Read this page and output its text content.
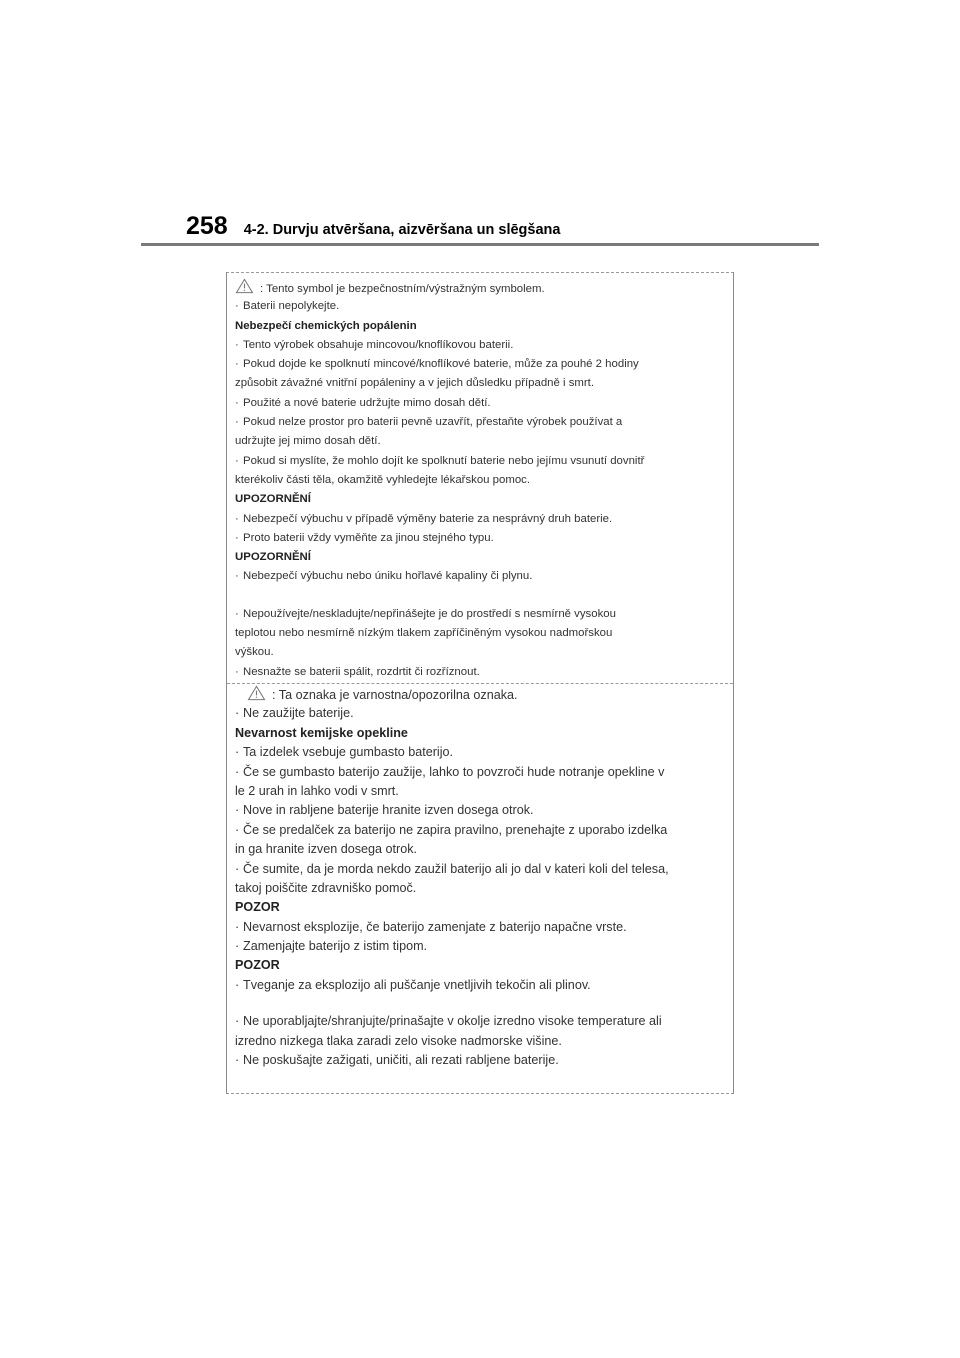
258 4-2. Durvju atvēršana, aizvēršana un slēgšana
: Tento symbol je bezpečnostním/výstražným symbolem.
·Baterii nepolykejte.
Nebezpečí chemických popálenin
·Tento výrobek obsahuje mincovou/knoflíkovou baterii.
·Pokud dojde ke spolknutí mincové/knoflíkové baterie, může za pouhé 2 hodiny
způsobit závažné vnitřní popáleniny a v jejich důsledku případně i smrt.
·Použité a nové baterie udržujte mimo dosah dětí.
·Pokud nelze prostor pro baterii pevně uzavřít, přestaňte výrobek používat a
udržujte jej mimo dosah dětí.
·Pokud si myslíte, že mohlo dojít ke spolknutí baterie nebo jejímu vsunutí dovnitř
kterékoliv části těla, okamžitě vyhledejte lékařskou pomoc.
UPOZORNĚNÍ
·Nebezpečí výbuchu v případě výměny baterie za nesprávný druh baterie.
·Proto baterii vždy vyměňte za jinou stejného typu.
UPOZORNĚNÍ
·Nebezpečí výbuchu nebo úniku hořlavé kapaliny či plynu.
·Nepoužívejte/neskladujte/nepřinášejte je do prostředí s nesmírně vysokou
teplotou nebo nesmírně nízkým tlakem zapříčiněným vysokou nadmořskou
výškou.
·Nesnažte se baterii spálit, rozdrtit či rozříznout.
: Ta oznaka je varnostna/opozorilna oznaka.
·Ne zaužijte baterije.
Nevarnost kemijske opekline
·Ta izdelek vsebuje gumbasto baterijo.
·Če se gumbasto baterijo zaužije, lahko to povzroči hude notranje opekline v
le 2 urah in lahko vodi v smrt.
·Nove in rabljene baterije hranite izven dosega otrok.
·Če se predalček za baterijo ne zapira pravilno, prenehajte z uporabo izdelka
in ga hranite izven dosega otrok.
·Če sumite, da je morda nekdo zaužil baterijo ali jo dal v kateri koli del telesa,
takoj poiščite zdravniško pomoč.
POZOR
·Nevarnost eksplozije, če baterijo zamenjate z baterijo napačne vrste.
·Zamenjajte baterijo z istim tipom.
POZOR
·Tveganje za eksplozijo ali puščanje vnetljivih tekočin ali plinov.
·Ne uporabljajte/shranjujte/prinašajte v okolje izredno visoke temperature ali
izredno nizkega tlaka zaradi zelo visoke nadmorske višine.
·Ne poskušajte zažigati, uničiti, ali rezati rabljene baterije.
